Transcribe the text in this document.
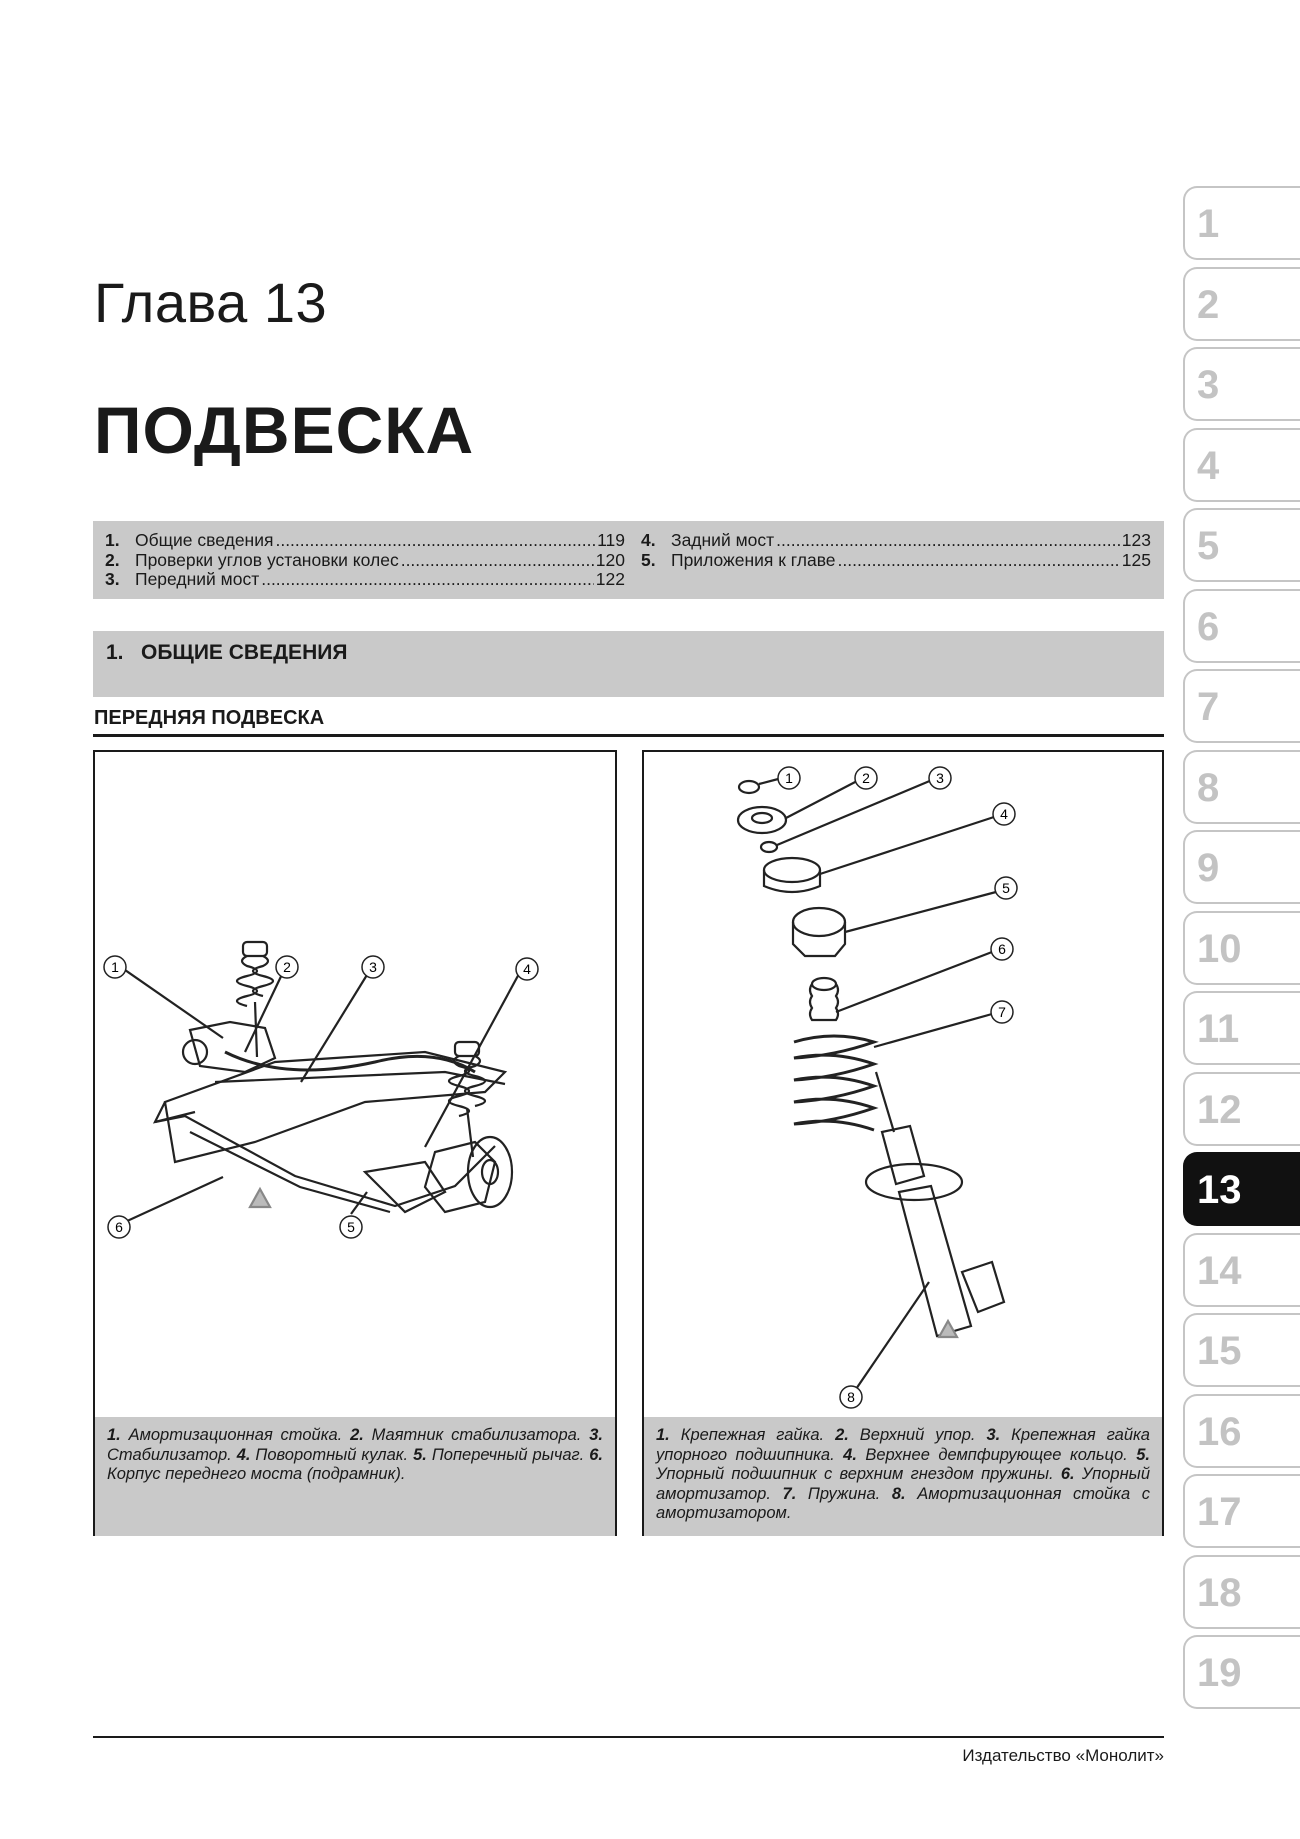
Глава 13
ПОДВЕСКА
1. Общие сведения .....	119
2. Проверки углов установки колес .....	120
3. Передний мост .....	122
4. Задний мост .....	123
5. Приложения к главе .....	125
1. ОБЩИЕ СВЕДЕНИЯ
ПЕРЕДНЯЯ ПОДВЕСКА
1	2	3	4
5
6
1. Амортизационная стойка. 2. Маятник стабилизатора. 3. Стабилизатор. 4. Поворотный кулак. 5. Поперечный рычаг. 6. Корпус переднего моста (подрамник).
1	2	3
4
5
6
7
8
1. Крепежная гайка. 2. Верхний упор. 3. Крепежная гайка упорного подшипника. 4. Верхнее демпфирующее кольцо. 5. Упорный подшипник с верхним гнездом пружины. 6. Упорный амортизатор. 7. Пружина. 8. Амортизационная стойка с амортизатором.
1
2
3
4
5
6
7
8
9
10
11
12
13
14
15
16
17
18
19
Издательство «Монолит»
